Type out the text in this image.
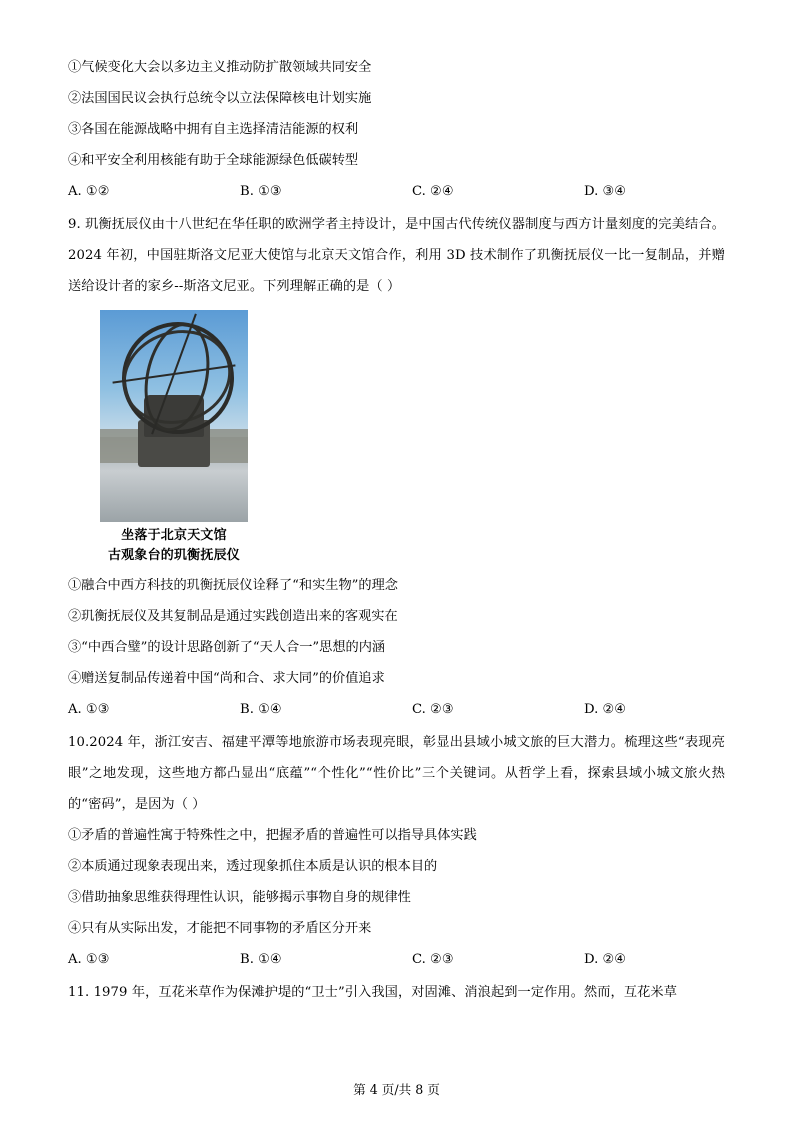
①气候变化大会以多边主义推动防扩散领域共同安全
②法国国民议会执行总统令以立法保障核电计划实施
③各国在能源战略中拥有自主选择清洁能源的权利
④和平安全利用核能有助于全球能源绿色低碳转型
A. ①②	B. ①③	C. ②④	D. ③④
9. 玑衡抚辰仪由十八世纪在华任职的欧洲学者主持设计，是中国古代传统仪器制度与西方计量刻度的完美结合。2024 年初，中国驻斯洛文尼亚大使馆与北京天文馆合作，利用 3D 技术制作了玑衡抚辰仪一比一复制品，并赠送给设计者的家乡--斯洛文尼亚。下列理解正确的是（ ）
坐落于北京天文馆
古观象台的玑衡抚辰仪
①融合中西方科技的玑衡抚辰仪诠释了“和实生物”的理念
②玑衡抚辰仪及其复制品是通过实践创造出来的客观实在
③“中西合璧”的设计思路创新了“天人合一”思想的内涵
④赠送复制品传递着中国“尚和合、求大同”的价值追求
A. ①③	B. ①④	C. ②③	D. ②④
10.2024 年，浙江安吉、福建平潭等地旅游市场表现亮眼，彰显出县域小城文旅的巨大潜力。梳理这些“表现亮眼”之地发现，这些地方都凸显出“底蕴”“个性化”“性价比”三个关键词。从哲学上看，探索县域小城文旅火热的“密码”，是因为（ ）
①矛盾的普遍性寓于特殊性之中，把握矛盾的普遍性可以指导具体实践
②本质通过现象表现出来，透过现象抓住本质是认识的根本目的
③借助抽象思维获得理性认识，能够揭示事物自身的规律性
④只有从实际出发，才能把不同事物的矛盾区分开来
A. ①③	B. ①④	C. ②③	D. ②④
11. 1979 年，互花米草作为保滩护堤的“卫士”引入我国，对固滩、消浪起到一定作用。然而，互花米草
第 4 页/共 8 页
